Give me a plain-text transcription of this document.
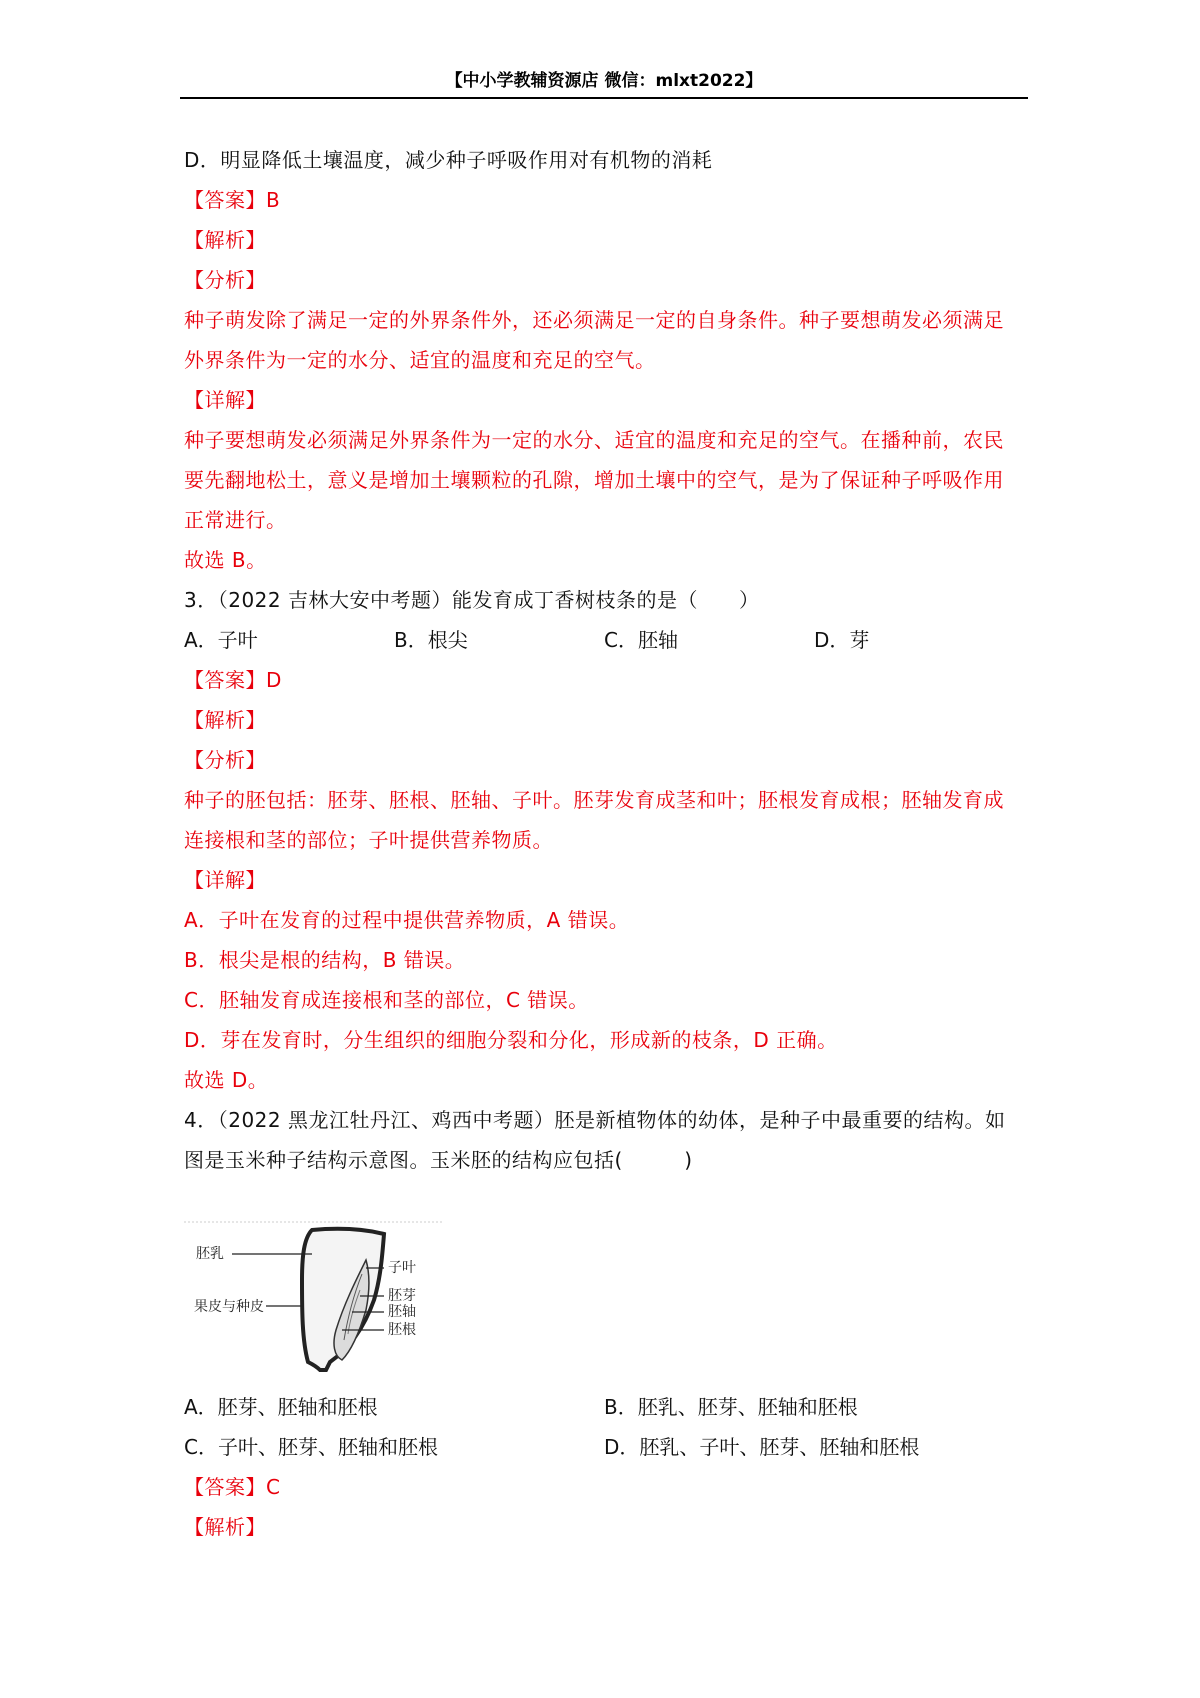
【中小学教辅资源店 微信：mlxt2022】
D．明显降低土壤温度，减少种子呼吸作用对有机物的消耗
【答案】B
【解析】
【分析】
种子萌发除了满足一定的外界条件外，还必须满足一定的自身条件。种子要想萌发必须满足
外界条件为一定的水分、适宜的温度和充足的空气。
【详解】
种子要想萌发必须满足外界条件为一定的水分、适宜的温度和充足的空气。在播种前，农民
要先翻地松土，意义是增加土壤颗粒的孔隙，增加土壤中的空气，是为了保证种子呼吸作用
正常进行。
故选 B。
3．（2022 吉林大安中考题）能发育成丁香树枝条的是（　　）
A．子叶	B．根尖	C．胚轴	D．芽
【答案】D
【解析】
【分析】
种子的胚包括：胚芽、胚根、胚轴、子叶。胚芽发育成茎和叶；胚根发育成根；胚轴发育成
连接根和茎的部位；子叶提供营养物质。
【详解】
A．子叶在发育的过程中提供营养物质，A 错误。
B．根尖是根的结构，B 错误。
C．胚轴发育成连接根和茎的部位，C 错误。
D．芽在发育时，分生组织的细胞分裂和分化，形成新的枝条，D 正确。
故选 D。
4．（2022 黑龙江牡丹江、鸡西中考题）胚是新植物体的幼体，是种子中最重要的结构。如
图是玉米种子结构示意图。玉米胚的结构应包括(　　　)
胚乳
果皮与种皮
子叶
胚芽
胚轴
胚根
A．胚芽、胚轴和胚根	B．胚乳、胚芽、胚轴和胚根
C．子叶、胚芽、胚轴和胚根	D．胚乳、子叶、胚芽、胚轴和胚根
【答案】C
【解析】
